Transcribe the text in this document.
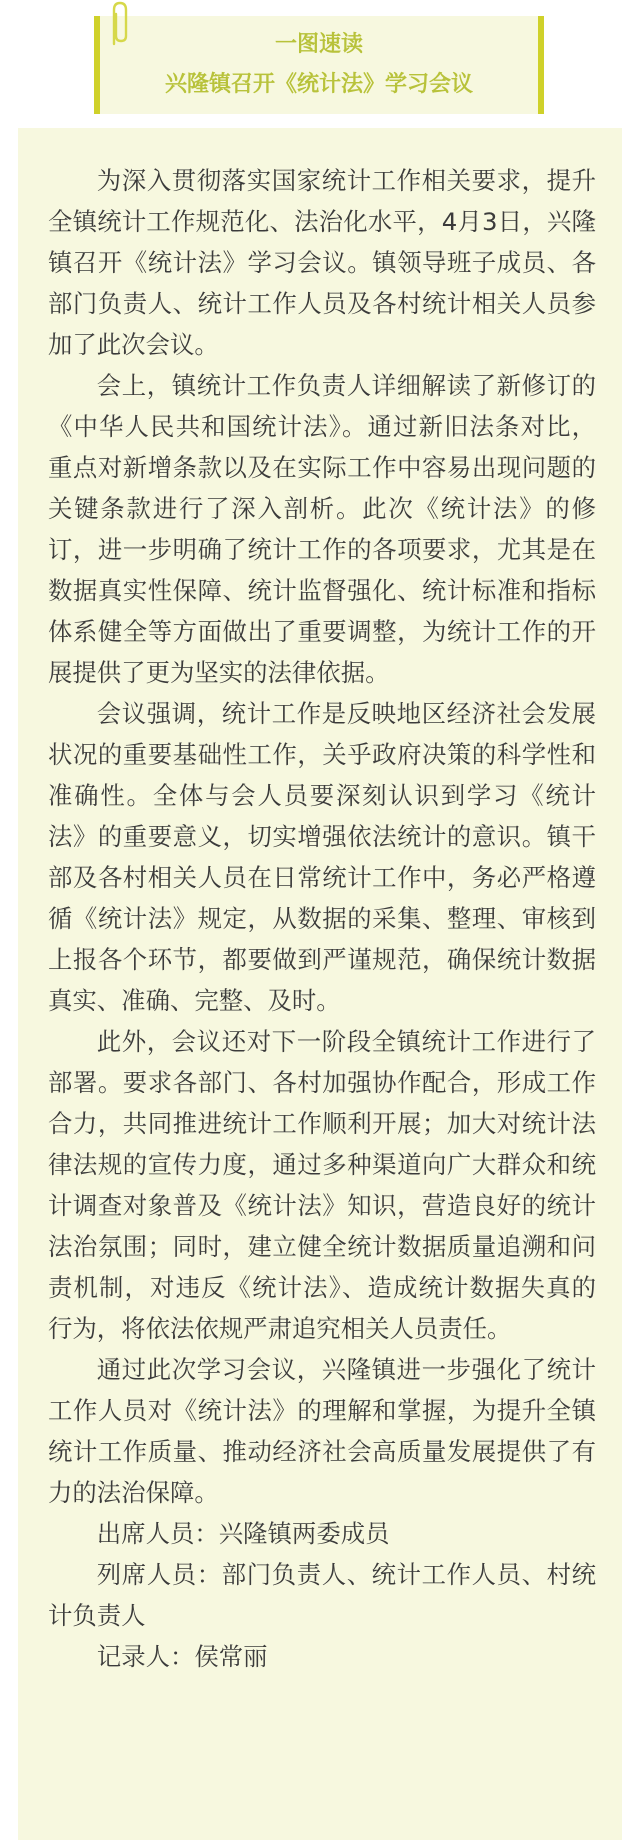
一图速读
兴隆镇召开《统计法》学习会议

为深入贯彻落实国家统计工作相关要求，提升全镇统计工作规范化、法治化水平，4月3日，兴隆镇召开《统计法》学习会议。镇领导班子成员、各部门负责人、统计工作人员及各村统计相关人员参加了此次会议。

会上，镇统计工作负责人详细解读了新修订的《中华人民共和国统计法》。通过新旧法条对比，重点对新增条款以及在实际工作中容易出现问题的关键条款进行了深入剖析。此次《统计法》的修订，进一步明确了统计工作的各项要求，尤其是在数据真实性保障、统计监督强化、统计标准和指标体系健全等方面做出了重要调整，为统计工作的开展提供了更为坚实的法律依据。

会议强调，统计工作是反映地区经济社会发展状况的重要基础性工作，关乎政府决策的科学性和准确性。全体与会人员要深刻认识到学习《统计法》的重要意义，切实增强依法统计的意识。镇干部及各村相关人员在日常统计工作中，务必严格遵循《统计法》规定，从数据的采集、整理、审核到上报各个环节，都要做到严谨规范，确保统计数据真实、准确、完整、及时。

此外，会议还对下一阶段全镇统计工作进行了部署。要求各部门、各村加强协作配合，形成工作合力，共同推进统计工作顺利开展；加大对统计法律法规的宣传力度，通过多种渠道向广大群众和统计调查对象普及《统计法》知识，营造良好的统计法治氛围；同时，建立健全统计数据质量追溯和问责机制，对违反《统计法》、造成统计数据失真的行为，将依法依规严肃追究相关人员责任。

通过此次学习会议，兴隆镇进一步强化了统计工作人员对《统计法》的理解和掌握，为提升全镇统计工作质量、推动经济社会高质量发展提供了有力的法治保障。

出席人员：兴隆镇两委成员

列席人员：部门负责人、统计工作人员、村统计负责人

记录人：侯常丽
